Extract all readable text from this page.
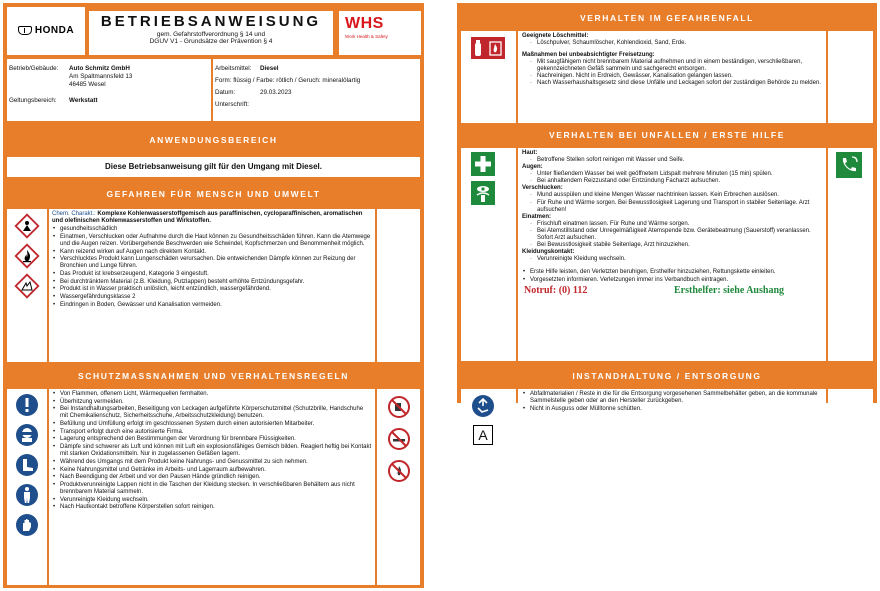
HONDA
BETRIEBSANWEISUNG
gem. Gefahrstoffverordnung § 14 und
DGUV V1 - Grundsätze der Prävention § 4
WHS
Work Health & Safety
Betrieb/Gebäude: Auto Schmitz GmbH
Am Spaltmannsfeld 13
46485 Wesel
Geltungsbereich: Werkstatt
Arbeitsmittel: Diesel
Form: flüssig / Farbe: rötlich / Geruch: mineralölartig
Datum:	29.03.2023
Unterschrift:
ANWENDUNGSBEREICH
Diese Betriebsanweisung gilt für den Umgang mit Diesel.
GEFAHREN FÜR MENSCH UND UMWELT
Chem. Charakt.: Komplexe Kohlenwasserstoffgemisch aus paraffinischen, cycloparaffinischen, aromatischen und olefinischen Kohlenwasserstoffen und Wirkstoffen.
• gesundheitsschädlich
• Einatmen, Verschlucken oder Aufnahme durch die Haut können zu Gesundheitsschäden führen. Kann die Atemwege und die Augen reizen. Vorübergehende Beschwerden wie Schwindel, Kopfschmerzen und Benommenheit möglich.
• Kann reizend wirken auf Augen nach direktem Kontakt.
• Verschlucktes Produkt kann Lungenschäden verursachen. Die entweichenden Dämpfe können zur Reizung der Bronchien und Lunge führen.
• Das Produkt ist krebserzeugend, Kategorie 3 eingestuft.
• Bei durchtränktem Material (z.B. Kleidung, Putzlappen) besteht erhöhte Entzündungsgefahr.
• Produkt ist in Wasser praktisch unlöslich, leicht entzündlich, wassergefährdend.
• Wassergefährdungsklasse 2
• Eindringen in Boden, Gewässer und Kanalisation vermeiden.
SCHUTZMASSNAHMEN UND VERHALTENSREGELN
• Von Flammen, offenem Licht, Wärmequellen fernhalten.
• Überhitzung vermeiden.
• Bei Instandhaltungsarbeiten, Beseitigung von Leckagen aufgeführte Körperschutzmittel (Schutzbrille, Handschuhe mit Chemikalienschutz, Sicherheitsschuhe, Arbeitsschutzkleidung) benutzen.
• Befüllung und Umfüllung erfolgt im geschlossenen System durch einen autorisierten Mitarbeiter.
• Transport erfolgt durch eine autorisierte Firma.
• Lagerung entsprechend den Bestimmungen der Verordnung für brennbare Flüssigkeiten.
• Dämpfe sind schwerer als Luft und können mit Luft ein explosionsfähiges Gemisch bilden. Reagiert heftig bei Kontakt mit starken Oxidationsmitteln. Nur in zugelassenen Gefäßen lagern.
• Während des Umgangs mit dem Produkt keine Nahrungs- und Genussmittel zu sich nehmen.
• Keine Nahrungsmittel und Getränke im Arbeits- und Lagerraum aufbewahren.
• Nach Beendigung der Arbeit und vor den Pausen Hände gründlich reinigen.
• Produktverunreinigte Lappen nicht in die Taschen der Kleidung stecken. In verschließbaren Behältern aus nicht brennbarem Material sammeln.
• Verunreinigte Kleidung wechseln.
• Nach Hautkontakt betroffene Körperstellen sofort reinigen.
VERHALTEN IM GEFAHRENFALL
Geeignete Löschmittel:
· Löschpulver, Schaumlöscher, Kohlendioxid, Sand, Erde.
Maßnahmen bei unbeabsichtigter Freisetzung:
· Mit saugfähigem nicht brennbarem Material aufnehmen und in einem beständigen, verschließbaren, gekennzeichneten Gefäß sammeln und sachgerecht entsorgen.
· Nachreinigen. Nicht in Erdreich, Gewässer, Kanalisation gelangen lassen.
· Nach Wasserhaushaltsgesetz sind diese Unfälle und Leckagen sofort der zuständigen Behörde zu melden.
VERHALTEN BEI UNFÄLLEN / ERSTE HILFE
Haut:
· Betroffene Stellen sofort reinigen mit Wasser und Seife.
Augen:
· Unter fließendem Wasser bei weit geöffnetem Lidspalt mehrere Minuten (15 min) spülen.
· Bei anhaltendem Reizzustand oder Entzündung Facharzt aufsuchen.
Verschlucken:
· Mund ausspülen und kleine Mengen Wasser nachtrinken lassen. Kein Erbrechen auslösen.
· Für Ruhe und Wärme sorgen. Bei Bewusstlosigkeit Lagerung und Transport in stabiler Seitenlage. Arzt aufsuchen!
Einatmen:
· Frischluft einatmen lassen. Für Ruhe und Wärme sorgen.
· Bei Atemstillstand oder Unregelmäßigkeit Atemspende bzw. Gerätebeatmung (Sauerstoff) veranlassen. Sofort Arzt aufsuchen.
· Bei Bewusstlosigkeit stabile Seitenlage, Arzt hinzuziehen.
Kleidungskontakt:
· Verunreinigte Kleidung wechseln.
• Erste Hilfe leisten, den Verletzten beruhigen, Ersthelfer hinzuziehen, Rettungskette einleiten.
• Vorgesetzten informieren. Verletzungen immer ins Verbandbuch eintragen.
Notruf: (0) 112	Ersthelfer: siehe Aushang
INSTANDHALTUNG / ENTSORGUNG
A
• Abfallmaterialien / Reste in die für die Entsorgung vorgesehenen Sammelbehälter geben, an die kommunale Sammelstelle geben oder an den Hersteller zurückgeben.
• Nicht in Ausguss oder Mülltonne schütten.
